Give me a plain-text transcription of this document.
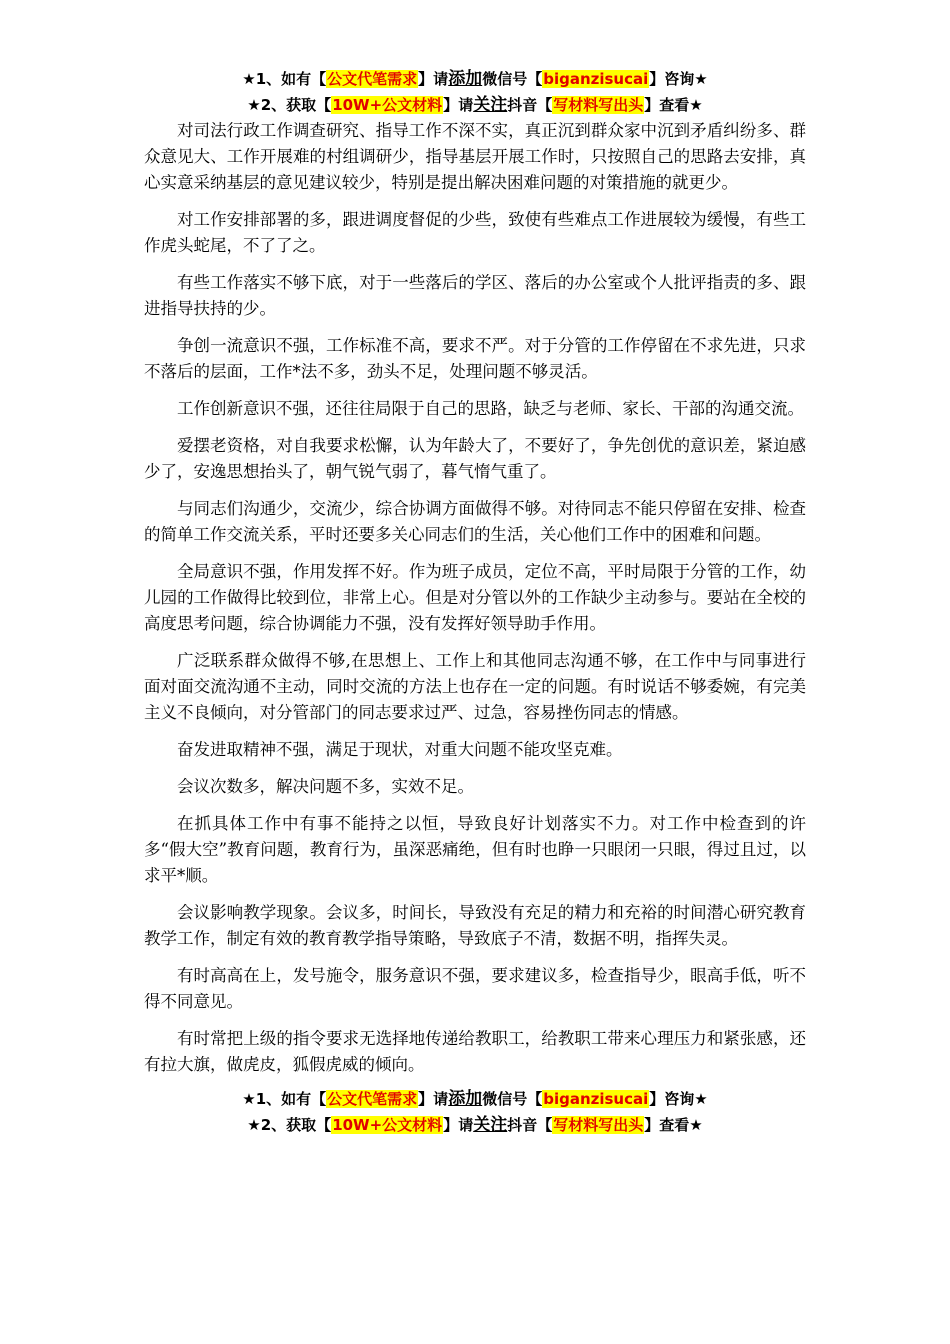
★1、如有【公文代笔需求】请添加微信号【biganzisucai】咨询★
★2、获取【10W+公文材料】请关注抖音【写材料写出头】查看★

对司法行政工作调查研究、指导工作不深不实，真正沉到群众家中沉到矛盾纠纷多、群众意见大、工作开展难的村组调研少，指导基层开展工作时，只按照自己的思路去安排，真心实意采纳基层的意见建议较少，特别是提出解决困难问题的对策措施的就更少。

对工作安排部署的多，跟进调度督促的少些，致使有些难点工作进展较为缓慢，有些工作虎头蛇尾，不了了之。

有些工作落实不够下底，对于一些落后的学区、落后的办公室或个人批评指责的多、跟进指导扶持的少。

争创一流意识不强，工作标准不高，要求不严。对于分管的工作停留在不求先进，只求不落后的层面，工作*法不多，劲头不足，处理问题不够灵活。

工作创新意识不强，还往往局限于自己的思路，缺乏与老师、家长、干部的沟通交流。

爱摆老资格，对自我要求松懈，认为年龄大了，不要好了，争先创优的意识差，紧迫感少了，安逸思想抬头了，朝气锐气弱了，暮气惰气重了。

与同志们沟通少，交流少，综合协调方面做得不够。对待同志不能只停留在安排、检查的简单工作交流关系，平时还要多关心同志们的生活，关心他们工作中的困难和问题。

全局意识不强，作用发挥不好。作为班子成员，定位不高，平时局限于分管的工作，幼儿园的工作做得比较到位，非常上心。但是对分管以外的工作缺少主动参与。要站在全校的高度思考问题，综合协调能力不强，没有发挥好领导助手作用。

广泛联系群众做得不够,在思想上、工作上和其他同志沟通不够，在工作中与同事进行面对面交流沟通不主动，同时交流的方法上也存在一定的问题。有时说话不够委婉，有完美主义不良倾向，对分管部门的同志要求过严、过急，容易挫伤同志的情感。

奋发进取精神不强，满足于现状，对重大问题不能攻坚克难。

会议次数多，解决问题不多，实效不足。

在抓具体工作中有事不能持之以恒，导致良好计划落实不力。对工作中检查到的许多“假大空”教育问题，教育行为，虽深恶痛绝，但有时也睁一只眼闭一只眼，得过且过，以求平*顺。

会议影响教学现象。会议多，时间长，导致没有充足的精力和充裕的时间潜心研究教育教学工作，制定有效的教育教学指导策略，导致底子不清，数据不明，指挥失灵。

有时高高在上，发号施令，服务意识不强，要求建议多，检查指导少，眼高手低，听不得不同意见。

有时常把上级的指令要求无选择地传递给教职工，给教职工带来心理压力和紧张感，还有拉大旗，做虎皮，狐假虎威的倾向。

★1、如有【公文代笔需求】请添加微信号【biganzisucai】咨询★
★2、获取【10W+公文材料】请关注抖音【写材料写出头】查看★
